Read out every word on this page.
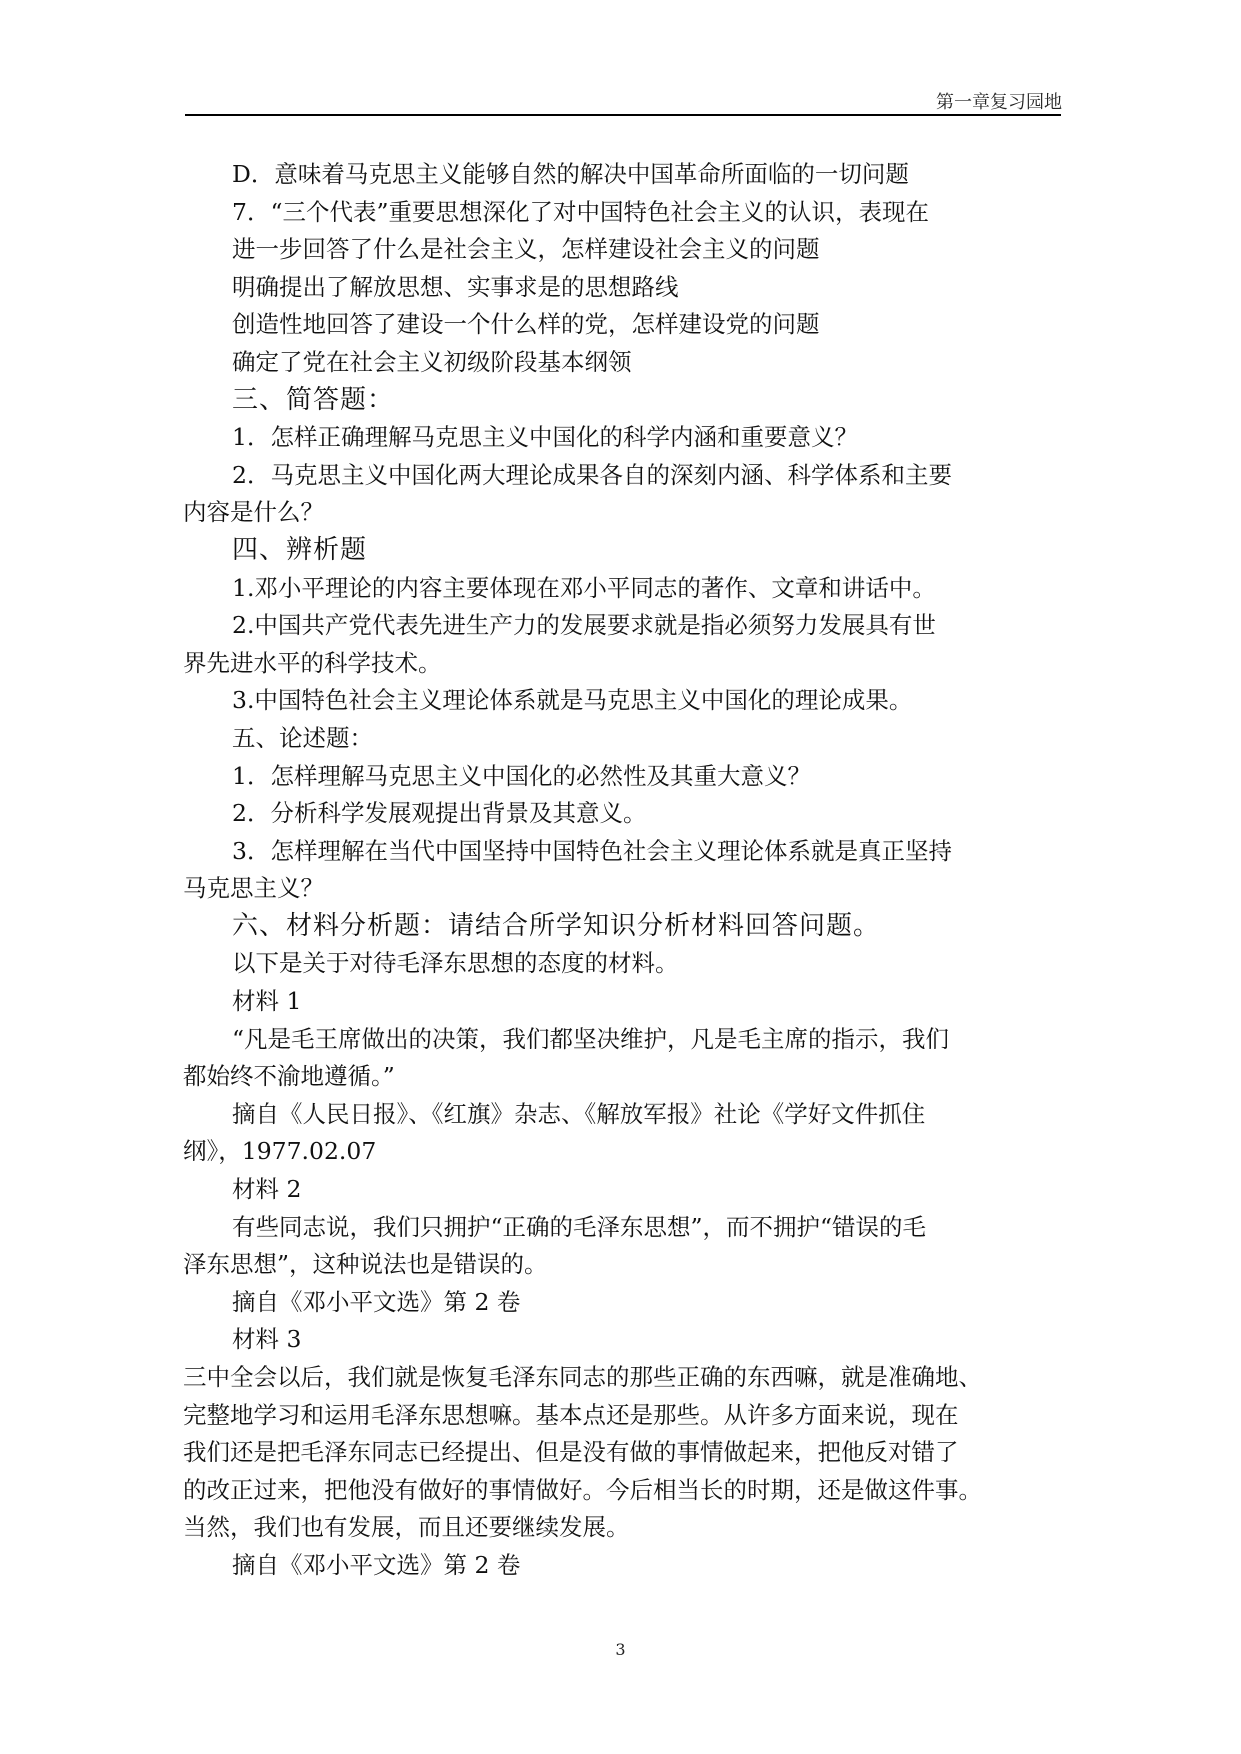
第一章复习园地

D．意味着马克思主义能够自然的解决中国革命所面临的一切问题

7．“三个代表”重要思想深化了对中国特色社会主义的认识，表现在

进一步回答了什么是社会主义，怎样建设社会主义的问题

明确提出了解放思想、实事求是的思想路线

创造性地回答了建设一个什么样的党，怎样建设党的问题

确定了党在社会主义初级阶段基本纲领

三、简答题：

1．怎样正确理解马克思主义中国化的科学内涵和重要意义？

2．马克思主义中国化两大理论成果各自的深刻内涵、科学体系和主要

内容是什么？

四、辨析题

1.邓小平理论的内容主要体现在邓小平同志的著作、文章和讲话中。

2.中国共产党代表先进生产力的发展要求就是指必须努力发展具有世

界先进水平的科学技术。

3.中国特色社会主义理论体系就是马克思主义中国化的理论成果。

五、论述题：

1．怎样理解马克思主义中国化的必然性及其重大意义？

2．分析科学发展观提出背景及其意义。

3．怎样理解在当代中国坚持中国特色社会主义理论体系就是真正坚持

马克思主义？

六、材料分析题：请结合所学知识分析材料回答问题。

以下是关于对待毛泽东思想的态度的材料。

材料 1

“凡是毛王席做出的决策，我们都坚决维护，凡是毛主席的指示，我们

都始终不渝地遵循。”

摘自《人民日报》、《红旗》杂志、《解放军报》社论《学好文件抓住

纲》，1977.02.07

材料 2

有些同志说，我们只拥护“正确的毛泽东思想”，而不拥护“错误的毛

泽东思想”，这种说法也是错误的。

摘自《邓小平文选》第 2 卷

材料 3

三中全会以后，我们就是恢复毛泽东同志的那些正确的东西嘛，就是准确地、

完整地学习和运用毛泽东思想嘛。基本点还是那些。从许多方面来说，现在

我们还是把毛泽东同志已经提出、但是没有做的事情做起来，把他反对错了

的改正过来，把他没有做好的事情做好。今后相当长的时期，还是做这件事。

当然，我们也有发展，而且还要继续发展。

摘自《邓小平文选》第 2 卷

3
